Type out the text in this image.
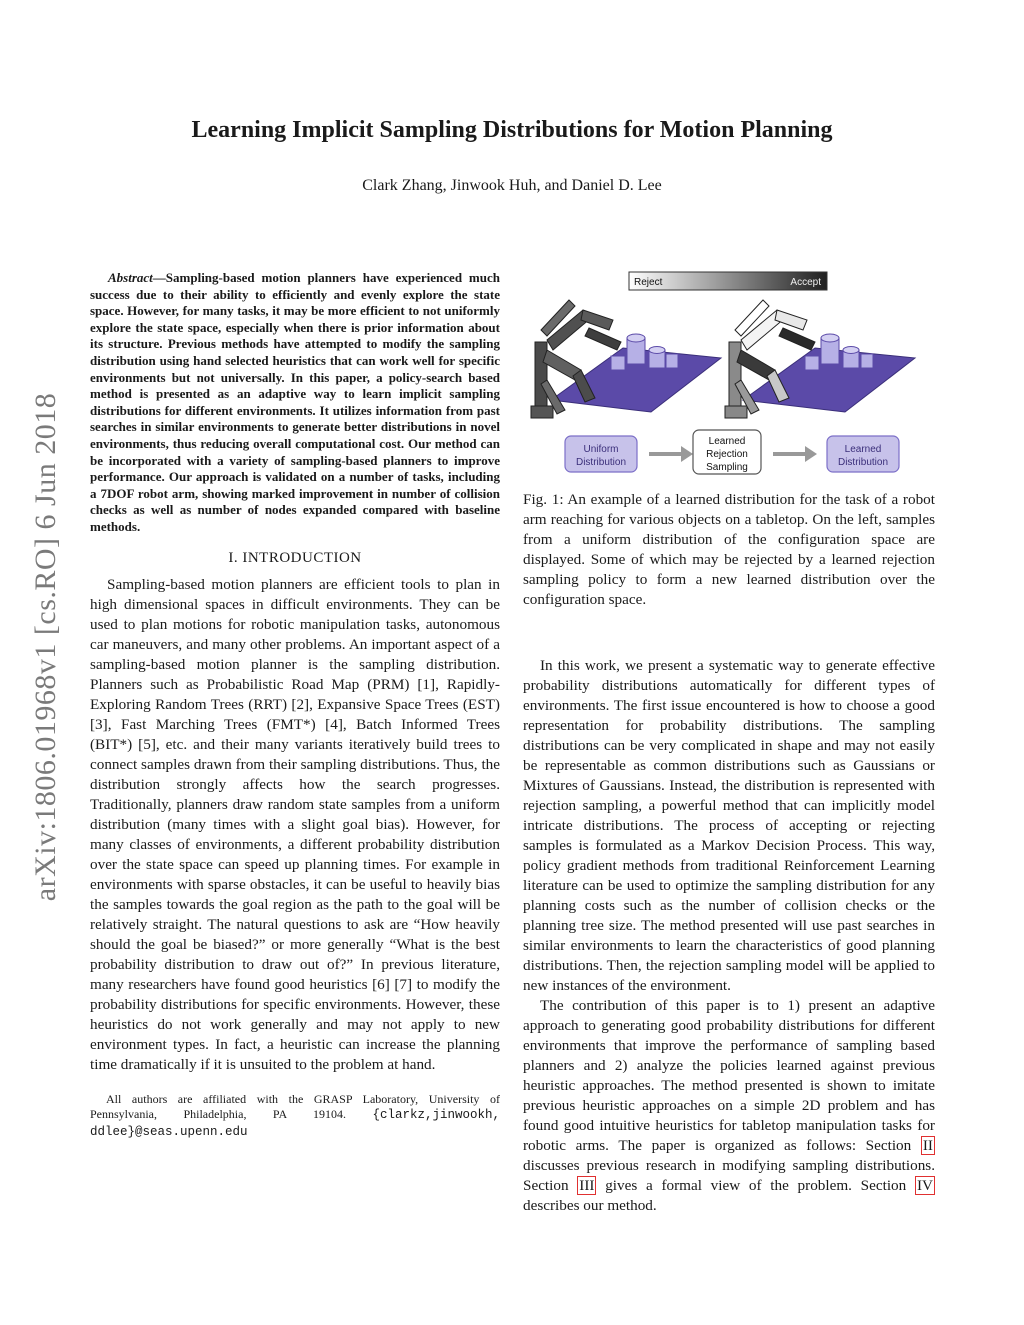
arXiv:1806.01968v1 [cs.RO] 6 Jun 2018
Learning Implicit Sampling Distributions for Motion Planning
Clark Zhang, Jinwook Huh, and Daniel D. Lee

Abstract—Sampling-based motion planners have experienced much success due to their ability to efficiently and evenly explore the state space. However, for many tasks, it may be more efficient to not uniformly explore the state space, especially when there is prior information about its structure. Previous methods have attempted to modify the sampling distribution using hand selected heuristics that can work well for specific environments but not universally. In this paper, a policy-search based method is presented as an adaptive way to learn implicit sampling distributions for different environments. It utilizes information from past searches in similar environments to generate better distributions in novel environments, thus reducing overall computational cost. Our method can be incorporated with a variety of sampling-based planners to improve performance. Our approach is validated on a number of tasks, including a 7DOF robot arm, showing marked improvement in number of collision checks as well as number of nodes expanded compared with baseline methods.

I. INTRODUCTION

Sampling-based motion planners are efficient tools to plan in high dimensional spaces in difficult environments. They can be used to plan motions for robotic manipulation tasks, autonomous car maneuvers, and many other problems. An important aspect of a sampling-based motion planner is the sampling distribution. Planners such as Probabilistic Road Map (PRM) [1], Rapidly-Exploring Random Trees (RRT) [2], Expansive Space Trees (EST) [3], Fast Marching Trees (FMT*) [4], Batch Informed Trees (BIT*) [5], etc. and their many variants iteratively build trees to connect samples drawn from their sampling distributions. Thus, the distribution strongly affects how the search progresses. Traditionally, planners draw random state samples from a uniform distribution (many times with a slight goal bias). However, for many classes of environments, a different probability distribution over the state space can speed up planning times. For example in environments with sparse obstacles, it can be useful to heavily bias the samples towards the goal region as the path to the goal will be relatively straight. The natural questions to ask are “How heavily should the goal be biased?” or more generally “What is the best probability distribution to draw out of?” In previous literature, many researchers have found good heuristics [6] [7] to modify the probability distributions for specific environments. However, these heuristics do not work generally and may not apply to new environment types. In fact, a heuristic can increase the planning time dramatically if it is unsuited to the problem at hand.

All authors are affiliated with the GRASP Laboratory, University of Pennsylvania, Philadelphia, PA 19104. {clarkz,jinwookh, ddlee}@seas.upenn.edu

Reject	Accept
Uniform
Distribution
Learned
Rejection
Sampling
Learned
Distribution

Fig. 1: An example of a learned distribution for the task of a robot arm reaching for various objects on a tabletop. On the left, samples from a uniform distribution of the configuration space are displayed. Some of which may be rejected by a learned rejection sampling policy to form a new learned distribution over the configuration space.

In this work, we present a systematic way to generate effective probability distributions automatically for different types of environments. The first issue encountered is how to choose a good representation for probability distributions. The sampling distributions can be very complicated in shape and may not easily be representable as common distributions such as Gaussians or Mixtures of Gaussians. Instead, the distribution is represented with rejection sampling, a powerful method that can implicitly model intricate distributions. The process of accepting or rejecting samples is formulated as a Markov Decision Process. This way, policy gradient methods from traditional Reinforcement Learning literature can be used to optimize the sampling distribution for any planning costs such as the number of collision checks or the planning tree size. The method presented will use past searches in similar environments to learn the characteristics of good planning distributions. Then, the rejection sampling model will be applied to new instances of the environment.

The contribution of this paper is to 1) present an adaptive approach to generating good probability distributions for different environments that improve the performance of sampling based planners and 2) analyze the policies learned against previous heuristic approaches. The method presented is shown to imitate previous heuristic approaches on a simple 2D problem and has found good intuitive heuristics for tabletop manipulation tasks for robotic arms. The paper is organized as follows: Section II discusses previous research in modifying sampling distributions. Section III gives a formal view of the problem. Section IV describes our method.
